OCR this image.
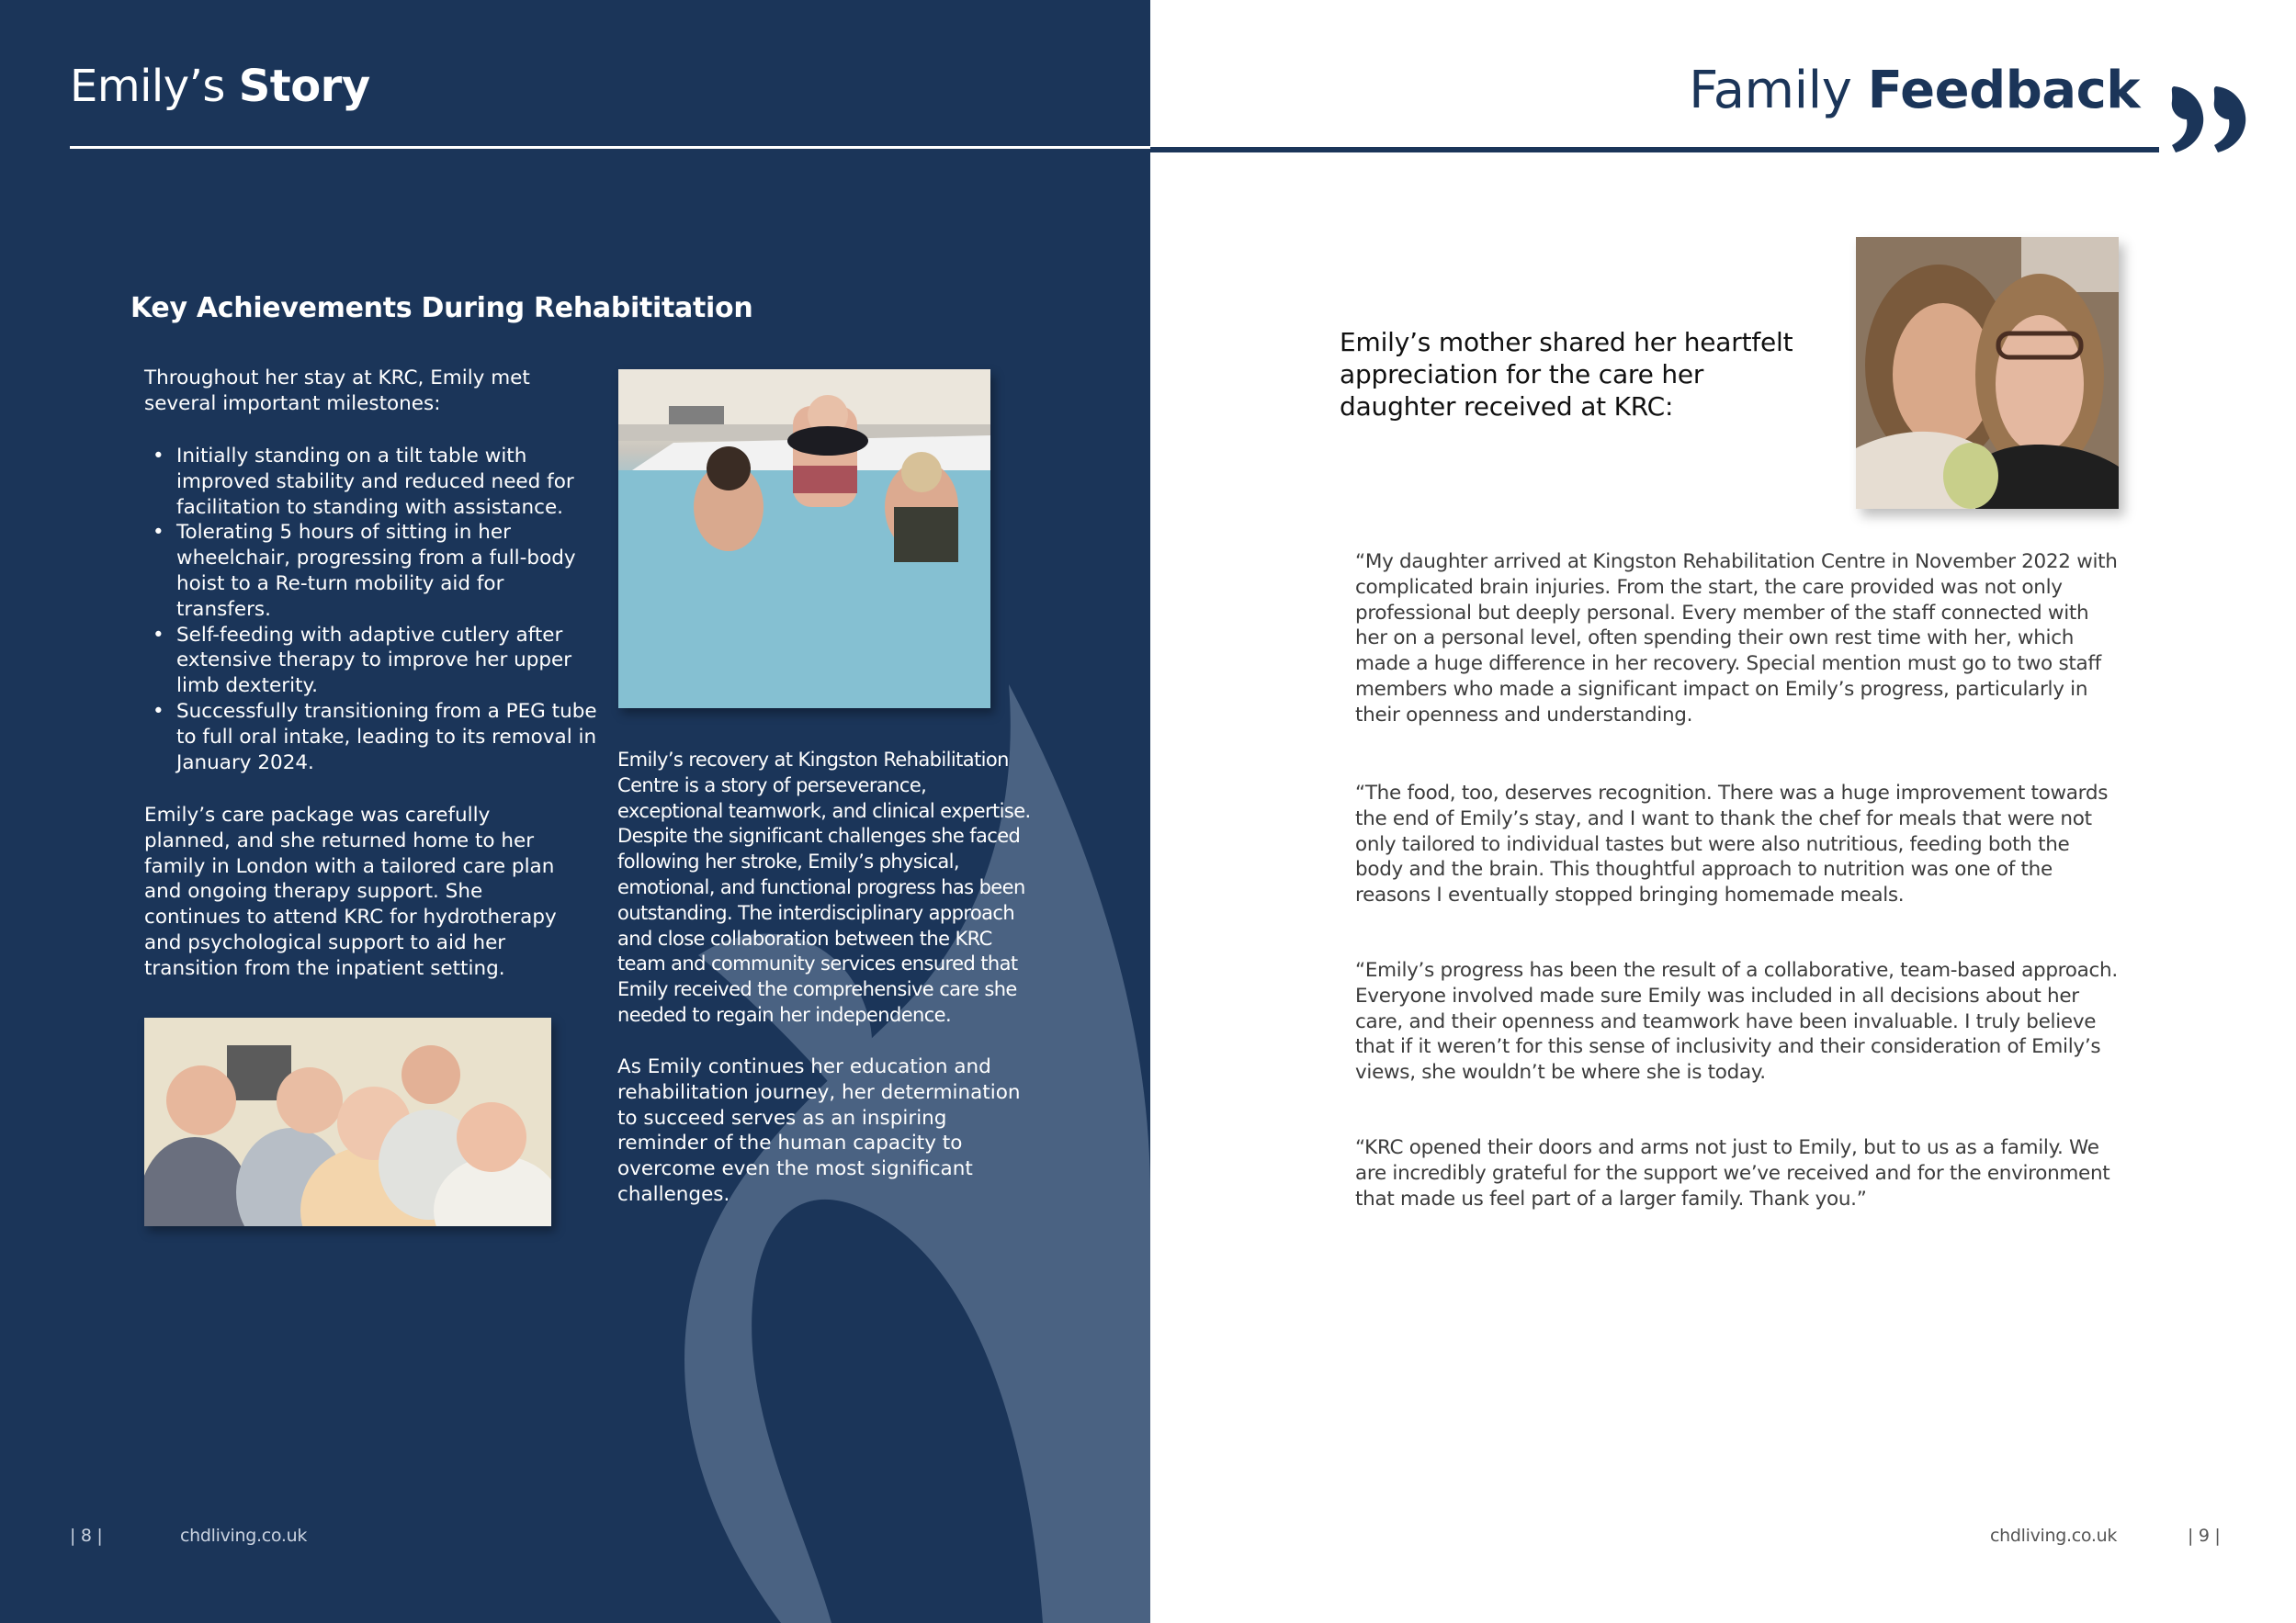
Emily’s Story
Key Achievements During Rehabititation
Throughout her stay at KRC, Emily met several important milestones:
• Initially standing on a tilt table with improved stability and reduced need for facilitation to standing with assistance.
• Tolerating 5 hours of sitting in her wheelchair, progressing from a full-body hoist to a Re-turn mobility aid for transfers.
• Self-feeding with adaptive cutlery after extensive therapy to improve her upper limb dexterity.
• Successfully transitioning from a PEG tube to full oral intake, leading to its removal in January 2024.
Emily’s care package was carefully planned, and she returned home to her family in London with a tailored care plan and ongoing therapy support. She continues to attend KRC for hydrotherapy and psychological support to aid her transition from the inpatient setting.
Emily’s recovery at Kingston Rehabilitation Centre is a story of perseverance, exceptional teamwork, and clinical expertise. Despite the significant challenges she faced following her stroke, Emily’s physical, emotional, and functional progress has been outstanding. The interdisciplinary approach and close collaboration between the KRC team and community services ensured that Emily received the comprehensive care she needed to regain her independence.
As Emily continues her education and rehabilitation journey, her determination to succeed serves as an inspiring reminder of the human capacity to overcome even the most significant challenges.
| 8 |	chdliving.co.uk
Family Feedback
Emily’s mother shared her heartfelt appreciation for the care her daughter received at KRC:
“My daughter arrived at Kingston Rehabilitation Centre in November 2022 with complicated brain injuries. From the start, the care provided was not only professional but deeply personal. Every member of the staff connected with her on a personal level, often spending their own rest time with her, which made a huge difference in her recovery. Special mention must go to two staff members who made a significant impact on Emily’s progress, particularly in their openness and understanding.
“The food, too, deserves recognition. There was a huge improvement towards the end of Emily’s stay, and I want to thank the chef for meals that were not only tailored to individual tastes but were also nutritious, feeding both the body and the brain. This thoughtful approach to nutrition was one of the reasons I eventually stopped bringing homemade meals.
“Emily’s progress has been the result of a collaborative, team-based approach. Everyone involved made sure Emily was included in all decisions about her care, and their openness and teamwork have been invaluable. I truly believe that if it weren’t for this sense of inclusivity and their consideration of Emily’s views, she wouldn’t be where she is today.
“KRC opened their doors and arms not just to Emily, but to us as a family. We are incredibly grateful for the support we’ve received and for the environment that made us feel part of a larger family. Thank you.”
chdliving.co.uk	| 9 |
